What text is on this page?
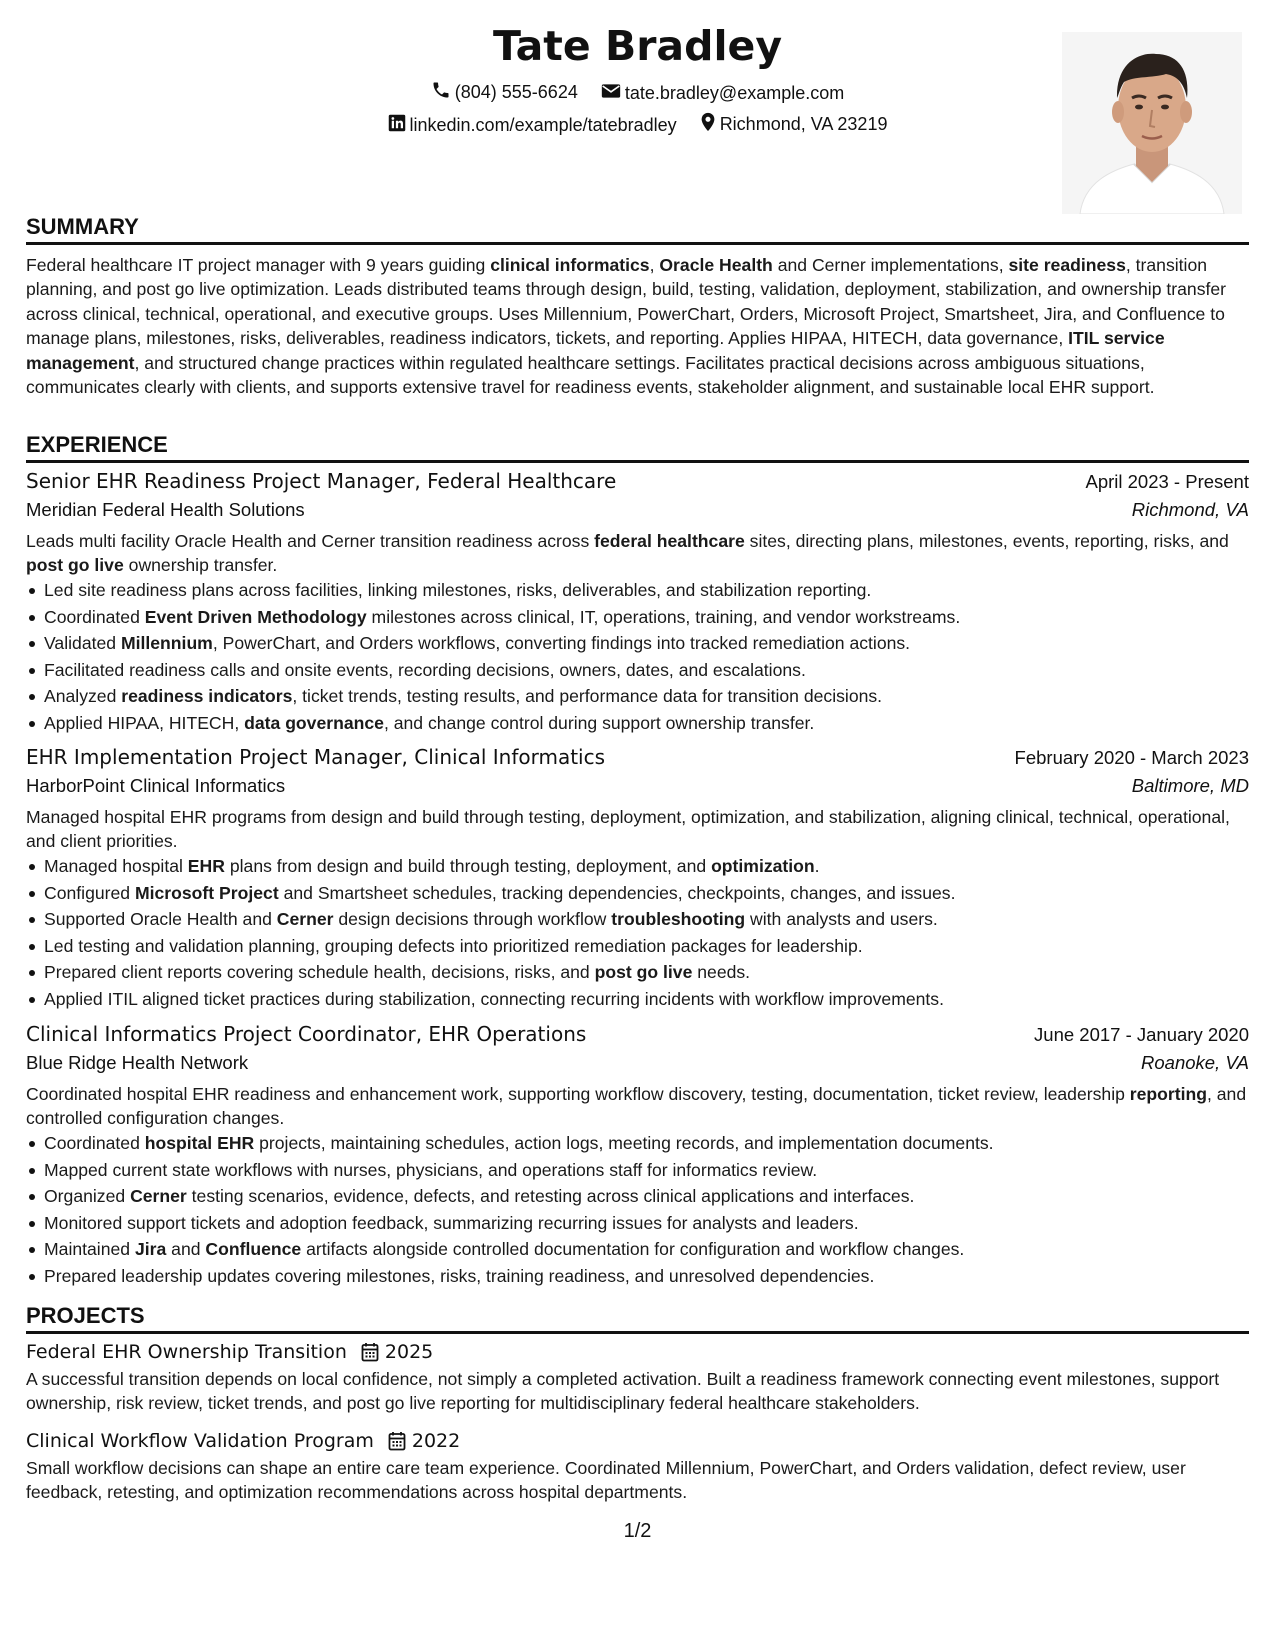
Tate Bradley
(804) 555-6624
	tate.bradley@example.com
linkedin.com/example/tatebradley
Richmond, VA 23219
SUMMARY
Federal healthcare IT project manager with 9 years guiding clinical informatics, Oracle Health and Cerner implementations, site readiness, transition planning, and post go live optimization. Leads distributed teams through design, build, testing, validation, deployment, stabilization, and ownership transfer across clinical, technical, operational, and executive groups. Uses Millennium, PowerChart, Orders, Microsoft Project, Smartsheet, Jira, and Confluence to manage plans, milestones, risks, deliverables, readiness indicators, tickets, and reporting. Applies HIPAA, HITECH, data governance, ITIL service management, and structured change practices within regulated healthcare settings. Facilitates practical decisions across ambiguous situations, communicates clearly with clients, and supports extensive travel for readiness events, stakeholder alignment, and sustainable local EHR support.
EXPERIENCE
Senior EHR Readiness Project Manager, Federal Healthcare	April 2023 - Present
Meridian Federal Health Solutions	Richmond, VA
Leads multi facility Oracle Health and Cerner transition readiness across federal healthcare sites, directing plans, milestones, events, reporting, risks, and post go live ownership transfer.
Led site readiness plans across facilities, linking milestones, risks, deliverables, and stabilization reporting.
Coordinated Event Driven Methodology milestones across clinical, IT, operations, training, and vendor workstreams.
Validated Millennium, PowerChart, and Orders workflows, converting findings into tracked remediation actions.
Facilitated readiness calls and onsite events, recording decisions, owners, dates, and escalations.
Analyzed readiness indicators, ticket trends, testing results, and performance data for transition decisions.
Applied HIPAA, HITECH, data governance, and change control during support ownership transfer.
EHR Implementation Project Manager, Clinical Informatics	February 2020 - March 2023
HarborPoint Clinical Informatics	Baltimore, MD
Managed hospital EHR programs from design and build through testing, deployment, optimization, and stabilization, aligning clinical, technical, operational, and client priorities.
Managed hospital EHR plans from design and build through testing, deployment, and optimization.
Configured Microsoft Project and Smartsheet schedules, tracking dependencies, checkpoints, changes, and issues.
Supported Oracle Health and Cerner design decisions through workflow troubleshooting with analysts and users.
Led testing and validation planning, grouping defects into prioritized remediation packages for leadership.
Prepared client reports covering schedule health, decisions, risks, and post go live needs.
Applied ITIL aligned ticket practices during stabilization, connecting recurring incidents with workflow improvements.
Clinical Informatics Project Coordinator, EHR Operations	June 2017 - January 2020
Blue Ridge Health Network	Roanoke, VA
Coordinated hospital EHR readiness and enhancement work, supporting workflow discovery, testing, documentation, ticket review, leadership reporting, and controlled configuration changes.
Coordinated hospital EHR projects, maintaining schedules, action logs, meeting records, and implementation documents.
Mapped current state workflows with nurses, physicians, and operations staff for informatics review.
Organized Cerner testing scenarios, evidence, defects, and retesting across clinical applications and interfaces.
Monitored support tickets and adoption feedback, summarizing recurring issues for analysts and leaders.
Maintained Jira and Confluence artifacts alongside controlled documentation for configuration and workflow changes.
Prepared leadership updates covering milestones, risks, training readiness, and unresolved dependencies.
PROJECTS
Federal EHR Ownership Transition 2025
A successful transition depends on local confidence, not simply a completed activation. Built a readiness framework connecting event milestones, support ownership, risk review, ticket trends, and post go live reporting for multidisciplinary federal healthcare stakeholders.
Clinical Workflow Validation Program 2022
Small workflow decisions can shape an entire care team experience. Coordinated Millennium, PowerChart, and Orders validation, defect review, user feedback, retesting, and optimization recommendations across hospital departments.
1/2
